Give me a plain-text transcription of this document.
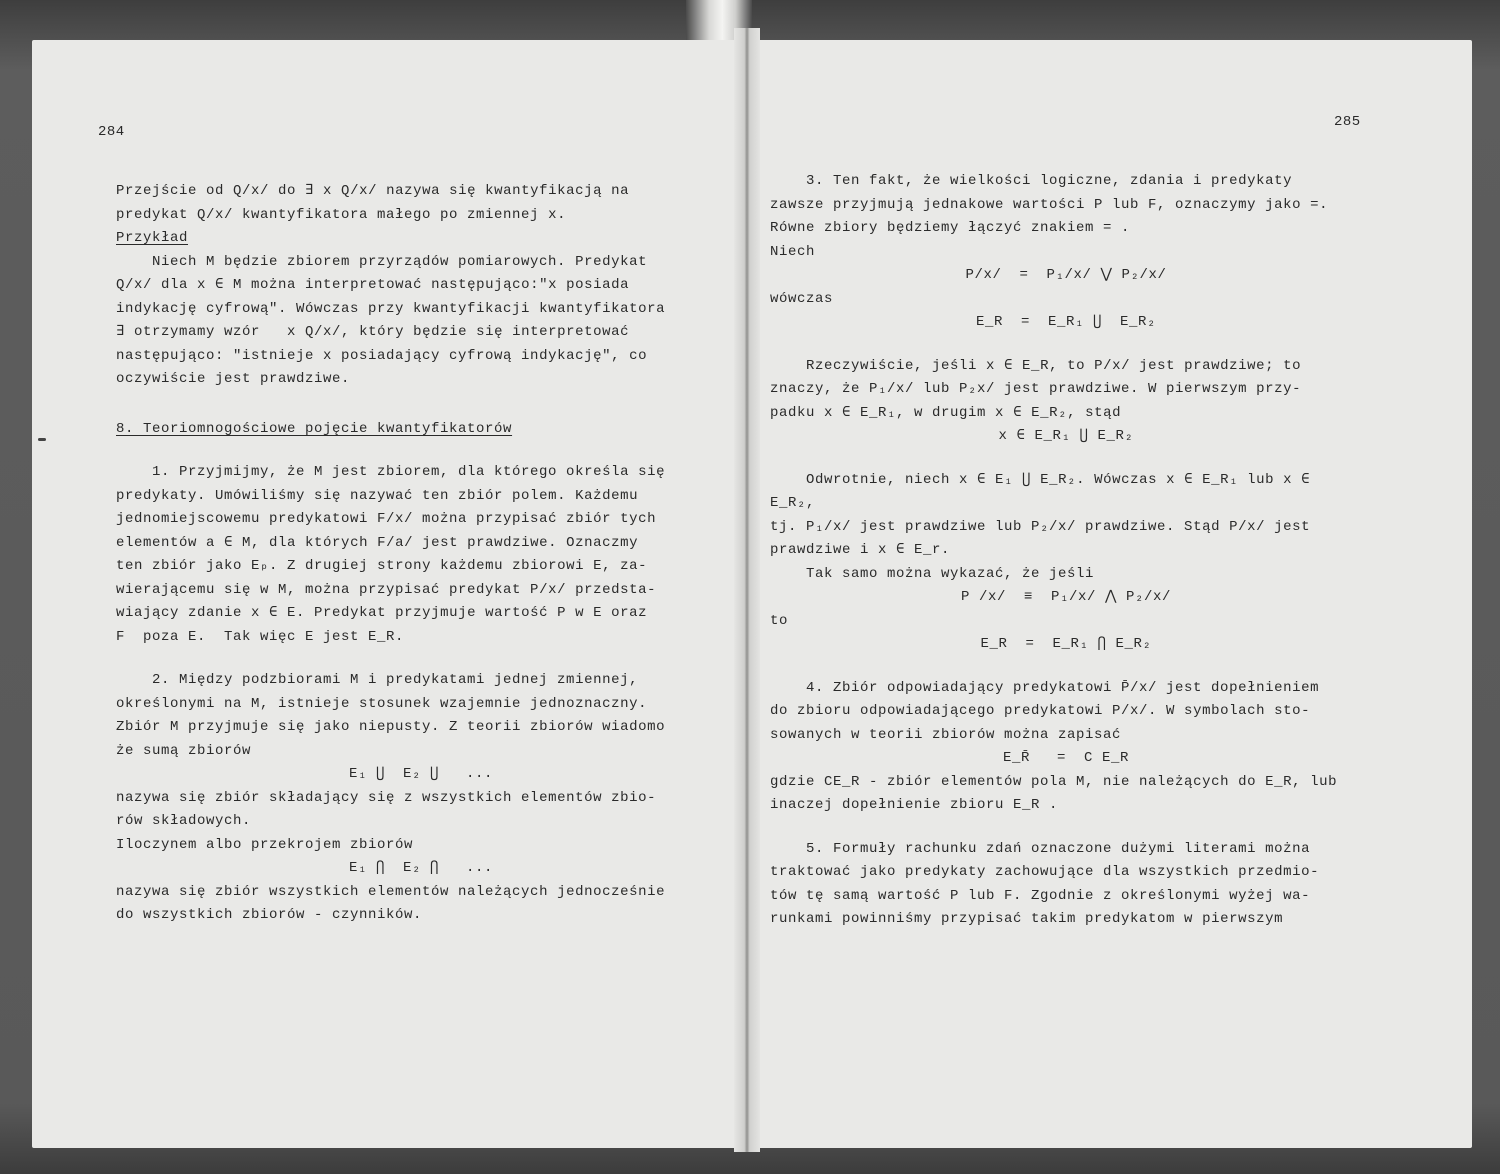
284

Przejście od Q/x/ do ∃ x Q/x/ nazywa się kwantyfikacją na

predykat Q/x/ kwantyfikatora małego po zmiennej x.

Przykład

Niech M będzie zbiorem przyrządów pomiarowych. Predykat

Q/x/ dla x ∈ M można interpretować następująco:"x posiada

indykację cyfrową". Wówczas przy kwantyfikacji kwantyfikatora

∃ otrzymamy wzór   x Q/x/, który będzie się interpretować

następująco: "istnieje x posiadający cyfrową indykację", co

oczywiście jest prawdziwe.

8. Teoriomnogościowe pojęcie kwantyfikatorów

1. Przyjmijmy, że M jest zbiorem, dla którego określa się

predykaty. Umówiliśmy się nazywać ten zbiór polem. Każdemu

jednomiejscowemu predykatowi F/x/ można przypisać zbiór tych

elementów a ∈ M, dla których F/a/ jest prawdziwe. Oznaczmy

ten zbiór jako Eₚ. Z drugiej strony każdemu zbiorowi E, za-

wierającemu się w M, można przypisać predykat P/x/ przedsta-

wiający zdanie x ∈ E. Predykat przyjmuje wartość P w E oraz

F  poza E.  Tak więc E jest E_R.

2. Między podzbiorami M i predykatami jednej zmiennej,

określonymi na M, istnieje stosunek wzajemnie jednoznaczny.

Zbiór M przyjmuje się jako niepusty. Z teorii zbiorów wiadomo

że sumą zbiorów

E₁ ⋃  E₂ ⋃   ...

nazywa się zbiór składający się z wszystkich elementów zbio-

rów składowych.

Iloczynem albo przekrojem zbiorów

E₁ ⋂  E₂ ⋂   ...

nazywa się zbiór wszystkich elementów należących jednocześnie

do wszystkich zbiorów - czynników.

285

3. Ten fakt, że wielkości logiczne, zdania i predykaty

zawsze przyjmują jednakowe wartości P lub F, oznaczymy jako =.

Równe zbiory będziemy łączyć znakiem = .

Niech

P/x/  =  P₁/x/ ⋁ P₂/x/

wówczas

E_R  =  E_R₁ ⋃  E_R₂

Rzeczywiście, jeśli x ∈ E_R, to P/x/ jest prawdziwe; to

znaczy, że P₁/x/ lub P₂x/ jest prawdziwe. W pierwszym przy-

padku x ∈ E_R₁, w drugim x ∈ E_R₂, stąd

x ∈ E_R₁ ⋃ E_R₂

Odwrotnie, niech x ∈ E₁ ⋃ E_R₂. Wówczas x ∈ E_R₁ lub x ∈ E_R₂,

tj. P₁/x/ jest prawdziwe lub P₂/x/ prawdziwe. Stąd P/x/ jest

prawdziwe i x ∈ E_r.

Tak samo można wykazać, że jeśli

P /x/  ≡  P₁/x/ ⋀ P₂/x/

to

E_R  =  E_R₁ ⋂ E_R₂

4. Zbiór odpowiadający predykatowi P̄/x/ jest dopełnieniem

do zbioru odpowiadającego predykatowi P/x/. W symbolach sto-

sowanych w teorii zbiorów można zapisać

E_R̄   =  C E_R

gdzie CE_R - zbiór elementów pola M, nie należących do E_R, lub

inaczej dopełnienie zbioru E_R .

5. Formuły rachunku zdań oznaczone dużymi literami można

traktować jako predykaty zachowujące dla wszystkich przedmio-

tów tę samą wartość P lub F. Zgodnie z określonymi wyżej wa-

runkami powinniśmy przypisać takim predykatom w pierwszym
